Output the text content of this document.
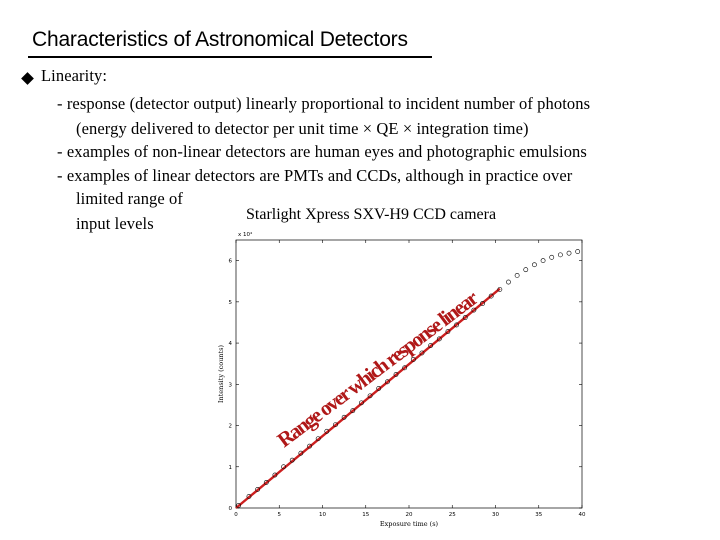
Characteristics of Astronomical Detectors
Linearity:
- response (detector output) linearly proportional to incident number of photons
(energy delivered to detector per unit time × QE × integration time)
- examples of non-linear detectors are human eyes and photographic emulsions
- examples of linear detectors are PMTs and CCDs, although in practice over
limited range of
input levels	Starlight Xpress SXV-H9 CCD camera
0	5	10	15	20	25	30	35	40
0
1
2
3
4
5
6
x 10⁴
Exposure time (s)
Intensity (counts)
Range over which response linear
